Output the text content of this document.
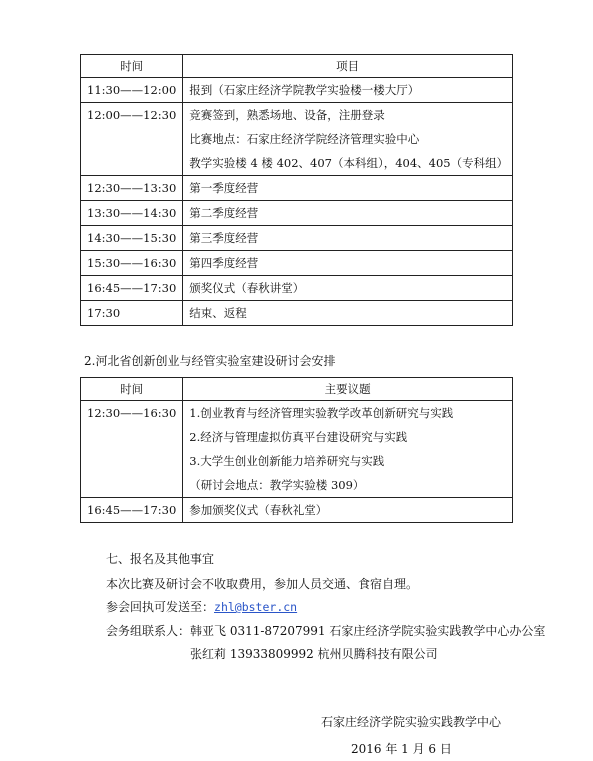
时间	项目

11:30——12:00	报到（石家庄经济学院教学实验楼一楼大厅）

12:00——12:30	竞赛签到，熟悉场地、设备，注册登录
比赛地点：石家庄经济学院经济管理实验中心
教学实验楼 4 楼 402、407（本科组），404、405（专科组）

12:30——13:30	第一季度经营

13:30——14:30	第二季度经营

14:30——15:30	第三季度经营

15:30——16:30	第四季度经营

16:45——17:30	颁奖仪式（春秋讲堂）

17:30	结束、返程
2.河北省创新创业与经管实验室建设研讨会安排
时间	主要议题

12:30——16:30	1.创业教育与经济管理实验教学改革创新研究与实践
2.经济与管理虚拟仿真平台建设研究与实践
3.大学生创业创新能力培养研究与实践
（研讨会地点：教学实验楼 309）

16:45——17:30	参加颁奖仪式（春秋礼堂）
七、报名及其他事宜
本次比赛及研讨会不收取费用，参加人员交通、食宿自理。
参会回执可发送至：zhl@bster.cn
会务组联系人：韩亚飞 0311-87207991 石家庄经济学院实验实践教学中心办公室
张红莉 13933809992 杭州贝腾科技有限公司
石家庄经济学院实验实践教学中心
2016 年 1 月 6 日
